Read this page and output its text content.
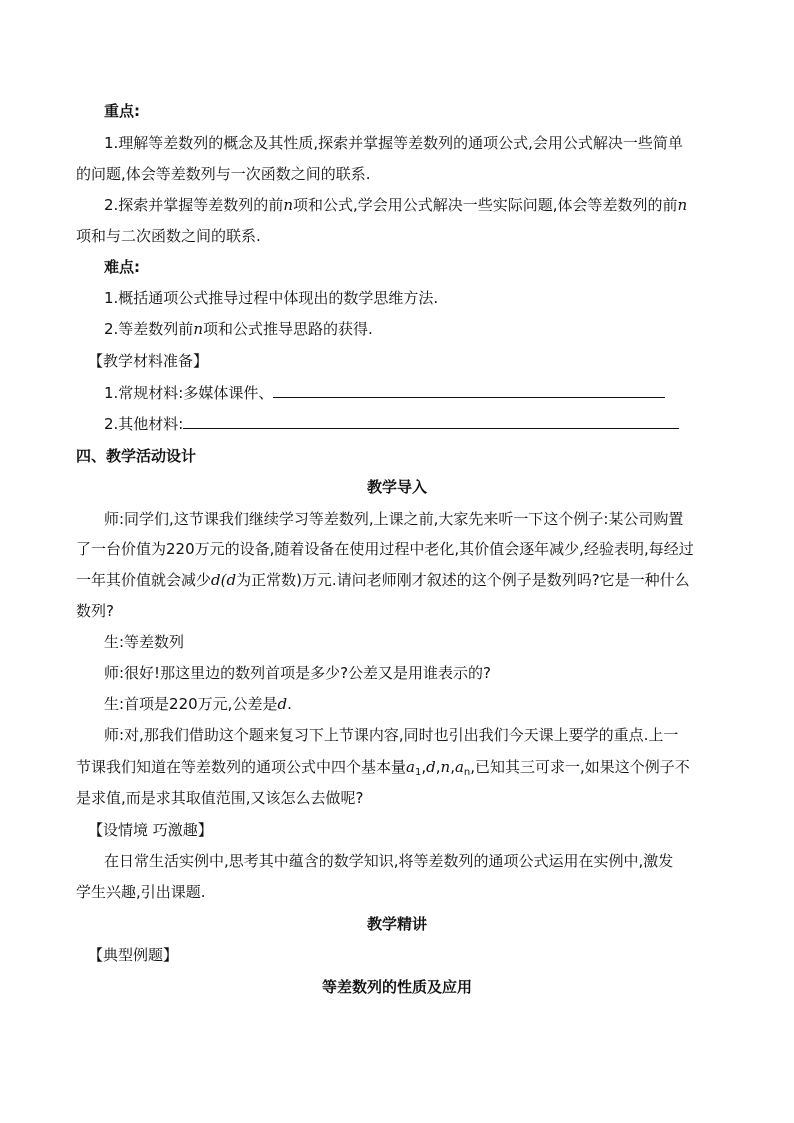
重点:
1.理解等差数列的概念及其性质,探索并掌握等差数列的通项公式,会用公式解决一些简单
的问题,体会等差数列与一次函数之间的联系.
2.探索并掌握等差数列的前n项和公式,学会用公式解决一些实际问题,体会等差数列的前n
项和与二次函数之间的联系.
难点:
1.概括通项公式推导过程中体现出的数学思维方法.
2.等差数列前n项和公式推导思路的获得.
【教学材料准备】
1.常规材料:多媒体课件、
2.其他材料:
四、教学活动设计
教学导入
师:同学们,这节课我们继续学习等差数列,上课之前,大家先来听一下这个例子:某公司购置
了一台价值为220万元的设备,随着设备在使用过程中老化,其价值会逐年减少,经验表明,每经过
一年其价值就会减少d(d为正常数)万元.请问老师刚才叙述的这个例子是数列吗?它是一种什么
数列?
生:等差数列
师:很好!那这里边的数列首项是多少?公差又是用谁表示的?
生:首项是220万元,公差是d.
师:对,那我们借助这个题来复习下上节课内容,同时也引出我们今天课上要学的重点.上一
节课我们知道在等差数列的通项公式中四个基本量$a_1,d,n,a_n$,已知其三可求一,如果这个例子不
是求值,而是求其取值范围,又该怎么去做呢?
【设情境 巧激趣】
在日常生活实例中,思考其中蕴含的数学知识,将等差数列的通项公式运用在实例中,激发
学生兴趣,引出课题.
教学精讲
【典型例题】
等差数列的性质及应用
